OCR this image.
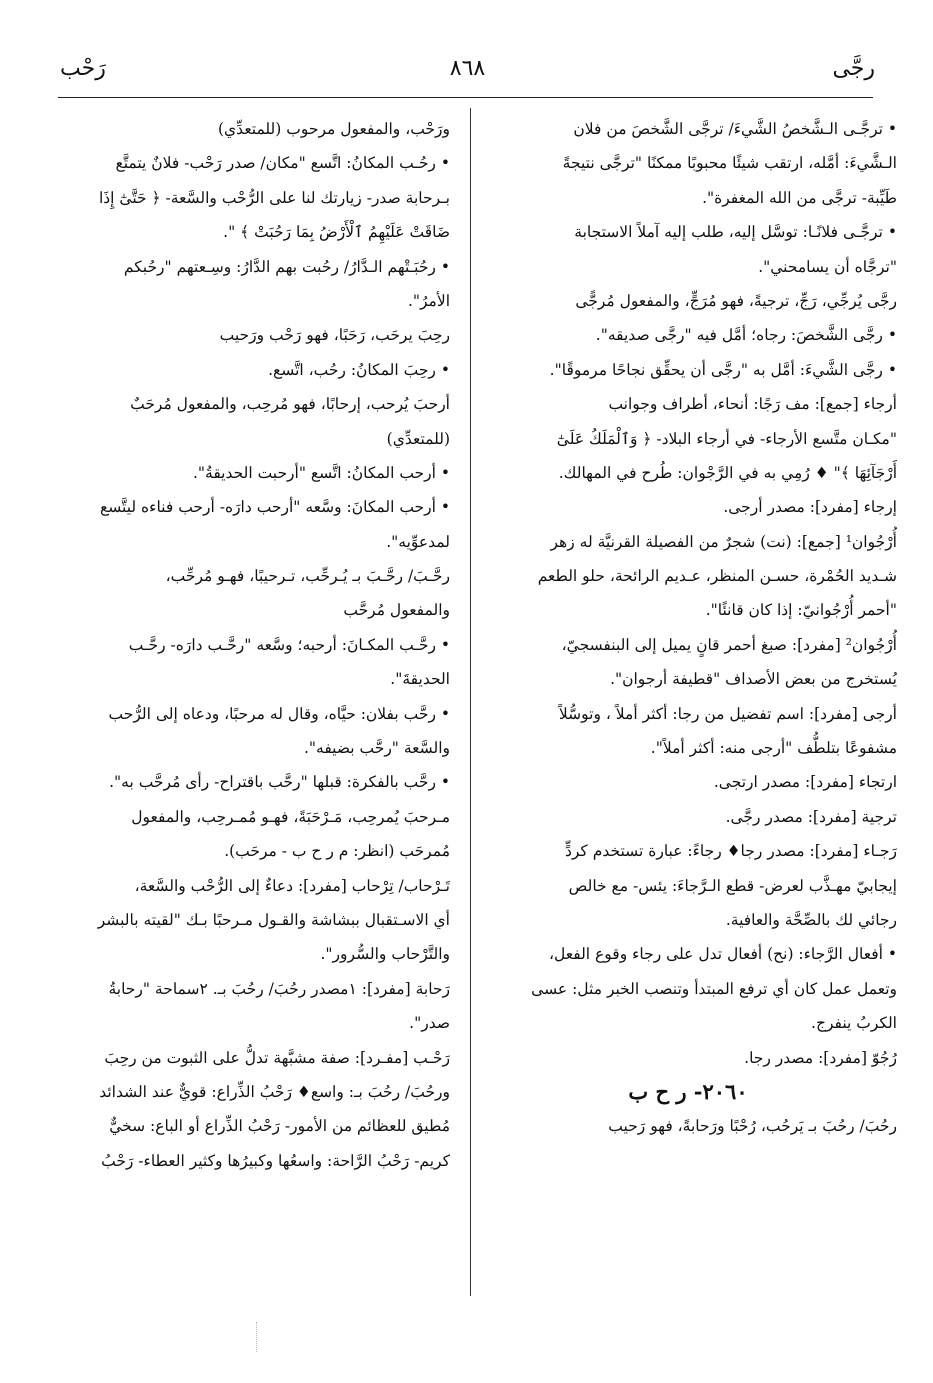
رجَّى
٨٦٨
رَحْب
• ترجَّـى الـشَّخصُ الشَّيءَ/ ترجَّى الشَّخصَ من فلان
الـشَّيءَ: أمَّله، ارتقب شيئًا محبوبًا ممكنًا "ترجَّى نتيجةً
طَيِّبة- ترجَّى من الله المغفرة".
• ترجَّـى فلانًـا: توسَّل إليه، طلب إليه آملاً الاستجابة
"ترجَّاه أن يسامحني".
رجَّى يُرجِّي، رَجِّ، ترجيةً، فهو مُرَجٍّ، والمفعول مُرجًّى
• رجَّى الشَّخصَ: رجاه؛ أمَّل فيه "رجَّى صديقه".
• رجَّى الشَّيءَ: أمَّل به "رجَّى أن يحقِّق نجاحًا مرموقًا".
أرجاء [جمع]: مف رَجًا: أنحاء، أطراف وجوانب
"مكـان متَّسع الأرجاء- في أرجاء البلاد- ﴿ وَٱلْمَلَكُ عَلَىٰٓ
أَرْجَآئِهَا ﴾" ♦ رُمِي به في الرَّجْوان: طُرح في المهالك.
إرجاء [مفرد]: مصدر أرجى.
أُرْجُوان¹ [جمع]: (نت) شجرٌ من الفصيلة القرنيَّة له زهر
شـديد الحُمْرة، حسـن المنظر، عـديم الرائحة، حلو الطعم
"أحمر أُرْجُوانيّ: إذا كان قانئًا".
أُرْجُوان² [مفرد]: صبغ أحمر قانٍ يميل إلى البنفسجيّ،
يُستخرج من بعض الأصداف "قطيفة أرجوان".
أرجى [مفرد]: اسم تفضيل من رجا: أكثر أملاً ، وتوسُّلاً
مشفوعًا بتلطُّف "أرجى منه: أكثر أملاً".
ارتجاء [مفرد]: مصدر ارتجى.
ترجية [مفرد]: مصدر رجَّى.
رَجـاء [مفرد]: مصدر رجا♦ رجاءً: عبارة تستخدم كردٍّ
إيجابيّ مهـذَّب لعرض- قطع الـرَّجاءَ: يئس- مع خالص
رجائي لك بالصِّحَّة والعافية.
• أفعال الرَّجاء: (نح) أفعال تدل على رجاء وقوع الفعل،
وتعمل عمل كان أي ترفع المبتدأ وتنصب الخبر مثل: عسى
الكربُ ينفرج.
رُجُوّ [مفرد]: مصدر رجا.
٢٠٦٠- ر ح ب
رحُبَ/ رحُبَ بـ يَرحُب، رُحْبًا ورَحابةً، فهو رَحيب
ورَحْب، والمفعول مرحوب (للمتعدِّي)
• رحُـب المكانُ: اتَّسع "مكان/ صدر رَحْب- فلانٌ يتمتَّع
بـرحابة صدر- زيارتك لنا على الرُّحْب والسَّعة- ﴿ حَتَّىٰٓ إِذَا
ضَاقَتْ عَلَيْهِمُ ٱلْأَرْضُ بِمَا رَحُبَتْ ﴾ ".
• رحُبَـتْهم الـدَّارُ/ رحُبت بهم الدَّارُ: وسِـعتهم "رحُبكم
الأمرُ".
رحِبَ يرحَب، رَحَبًا، فهو رَحْب ورَحيب
• رحِبَ المكانُ: رحُب، اتَّسع.
أرحبَ يُرحب، إرحابًا، فهو مُرحِب، والمفعول مُرحَبٌ
(للمتعدِّي)
• أرحب المكانُ: اتَّسع "أرحبت الحديقةُ".
• أرحب المكانَ: وسَّعه "أرحب دارَه- أرحب فناءه ليتَّسع
لمدعوِّيه".
رحَّـبَ/ رحَّـبَ بـ يُـرحِّب، تـرحيبًا، فهـو مُرحِّب،
والمفعول مُرحَّب
• رحَّـب المكـانَ: أرحبه؛ وسَّعه "رحَّـب دارَه- رحَّـب
الحديقةَ".
• رحَّب بفلان: حيَّاه، وقال له مرحبًا، ودعاه إلى الرُّحب
والسَّعة "رحَّب بضيفه".
• رحَّب بالفكرة: قبلها "رحَّب باقتراح- رأى مُرحَّب به".
مـرحبَ يُمرحِب، مَـرْحَبَةً، فهـو مُمـرحِب، والمفعول
مُمرحَب (انظر: م ر ح ب - مرحَب).
تَـرْحاب/ تِرْحاب [مفرد]: دعاءٌ إلى الرُّحْب والسَّعة،
أي الاسـتقبال ببشاشة والقـول مـرحبًا بـك "لقيته بالبشر
والتَّرْحاب والسُّرور".
رَحابة [مفرد]: ١مصدر رحُبَ/ رحُبَ بـ. ٢سماحة "رحابةُ
صدر".
رَحْـب [مفـرد]: صفة مشبَّهة تدلُّ على الثبوت من رحِبَ
ورحُبَ/ رحُبَ بـ: واسع♦ رَحْبُ الذِّراع: قويٌّ عند الشدائد
مُطيق للعظائم من الأمور- رَحْبُ الذِّراع أو الباع: سخيٌّ
كريم- رَحْبُ الرَّاحة: واسعُها وكبيرُها وكثير العطاء- رَحْبُ
